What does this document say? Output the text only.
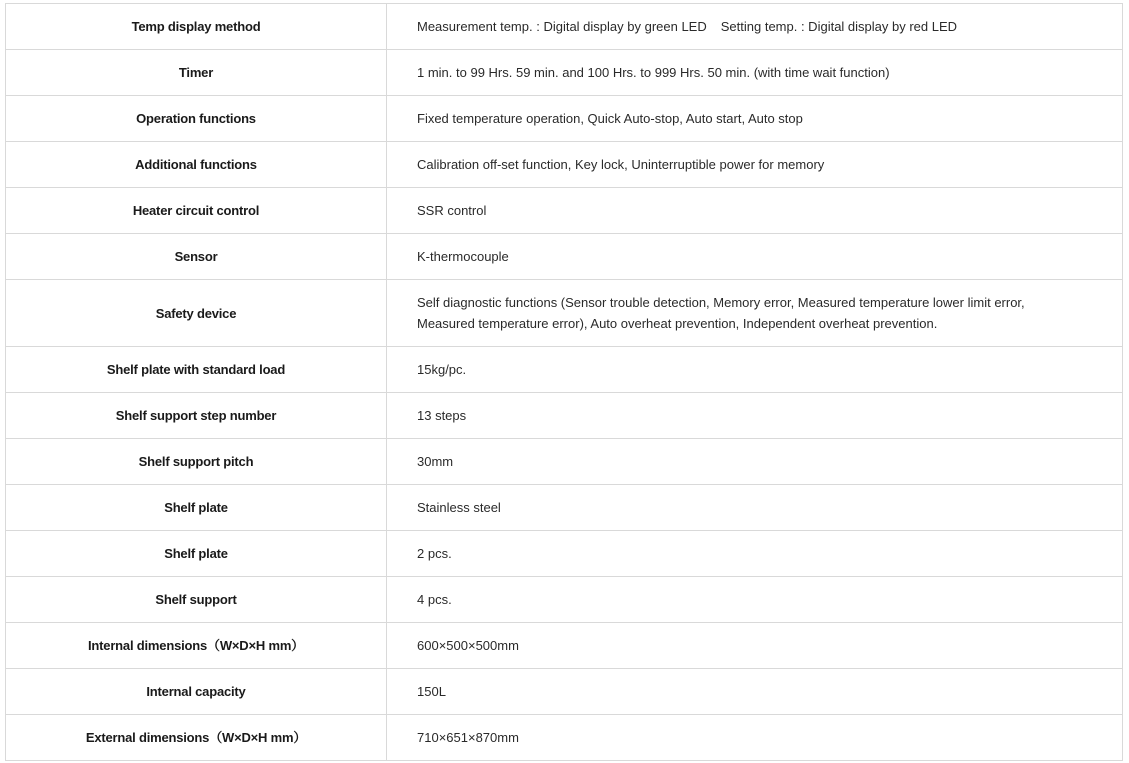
Temp display method	Measurement temp. : Digital display by green LED Setting temp. : Digital display by red LED
Timer	1 min. to 99 Hrs. 59 min. and 100 Hrs. to 999 Hrs. 50 min. (with time wait function)
Operation functions	Fixed temperature operation, Quick Auto-stop, Auto start, Auto stop
Additional functions	Calibration off-set function, Key lock, Uninterruptible power for memory
Heater circuit control	SSR control
Sensor	K-thermocouple
Safety device	Self diagnostic functions (Sensor trouble detection, Memory error, Measured temperature lower limit error, Measured temperature error), Auto overheat prevention, Independent overheat prevention.
Shelf plate with standard load	15kg/pc.
Shelf support step number	13 steps
Shelf support pitch	30mm
Shelf plate	Stainless steel
Shelf plate	2 pcs.
Shelf support	4 pcs.
Internal dimensions（W×D×H mm）	600×500×500mm
Internal capacity	150L
External dimensions（W×D×H mm）	710×651×870mm
